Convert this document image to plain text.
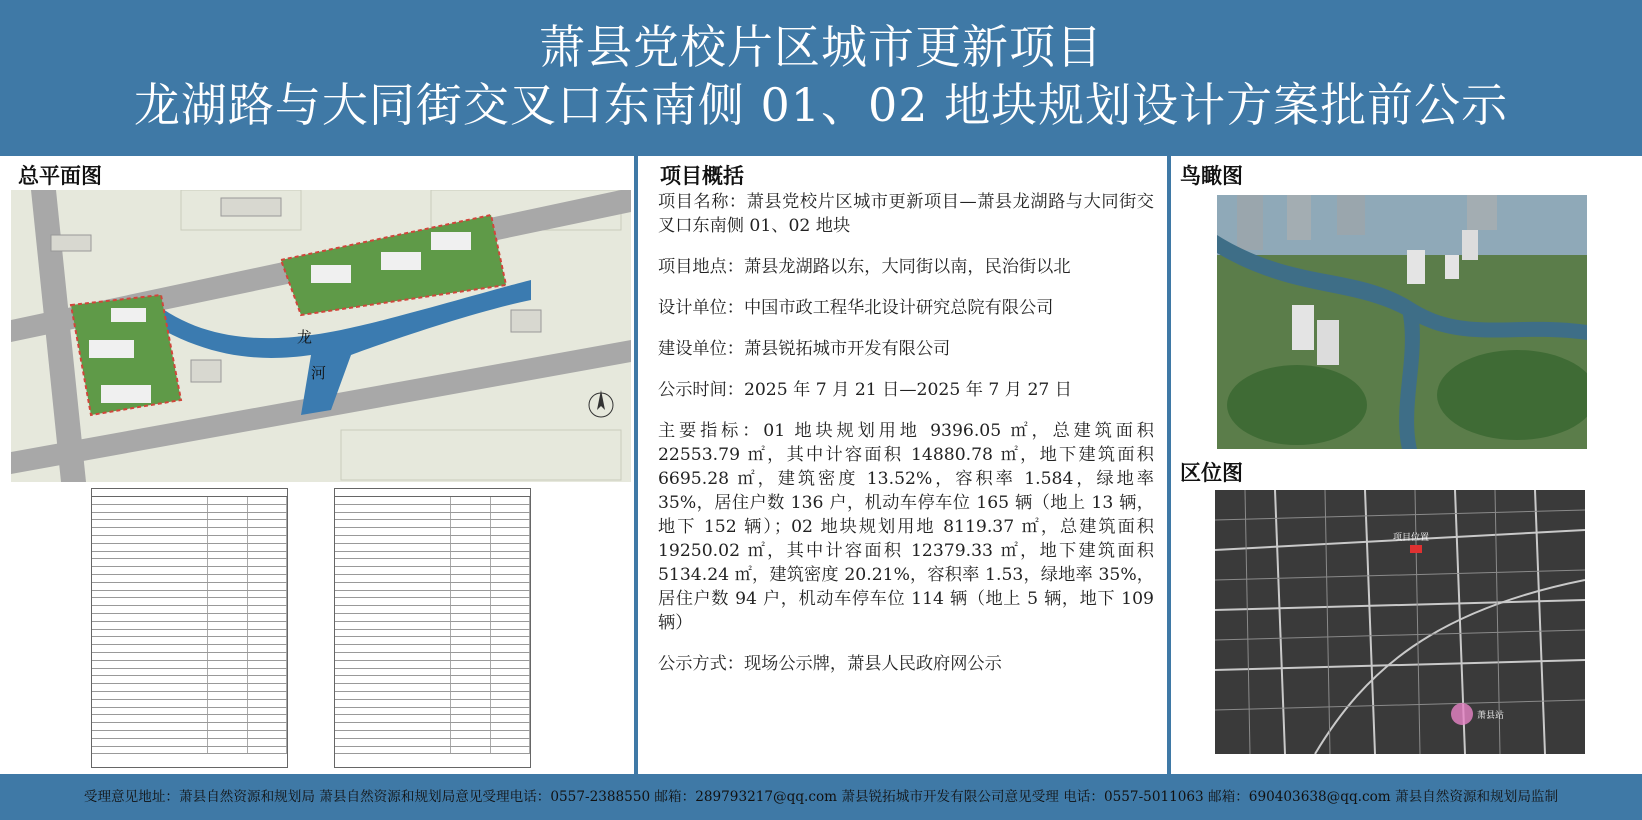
萧县党校片区城市更新项目
龙湖路与大同街交叉口东南侧 01、02 地块规划设计方案批前公示
总平面图
龙
河
项目概括

项目名称：萧县党校片区城市更新项目—萧县龙湖路与大同街交叉口东南侧 01、02 地块

项目地点：萧县龙湖路以东，大同街以南，民治街以北

设计单位：中国市政工程华北设计研究总院有限公司

建设单位：萧县锐拓城市开发有限公司

公示时间：2025 年 7 月 21 日—2025 年 7 月 27 日

主要指标：01 地块规划用地 9396.05 ㎡，总建筑面积 22553.79 ㎡，其中计容面积 14880.78 ㎡，地下建筑面积 6695.28 ㎡，建筑密度 13.52%，容积率 1.584，绿地率 35%，居住户数 136 户，机动车停车位 165 辆（地上 13 辆，地下 152 辆）；02 地块规划用地 8119.37 ㎡，总建筑面积 19250.02 ㎡，其中计容面积 12379.33 ㎡，地下建筑面积 5134.24 ㎡，建筑密度 20.21%，容积率 1.53，绿地率 35%，居住户数 94 户，机动车停车位 114 辆（地上 5 辆，地下 109 辆）

公示方式：现场公示牌，萧县人民政府网公示

鸟瞰图
区位图
项目位置
萧县站
受理意见地址：萧县自然资源和规划局 萧县自然资源和规划局意见受理电话：0557-2388550 邮箱：289793217@qq.com 萧县锐拓城市开发有限公司意见受理 电话：0557-5011063 邮箱：690403638@qq.com 萧县自然资源和规划局监制
